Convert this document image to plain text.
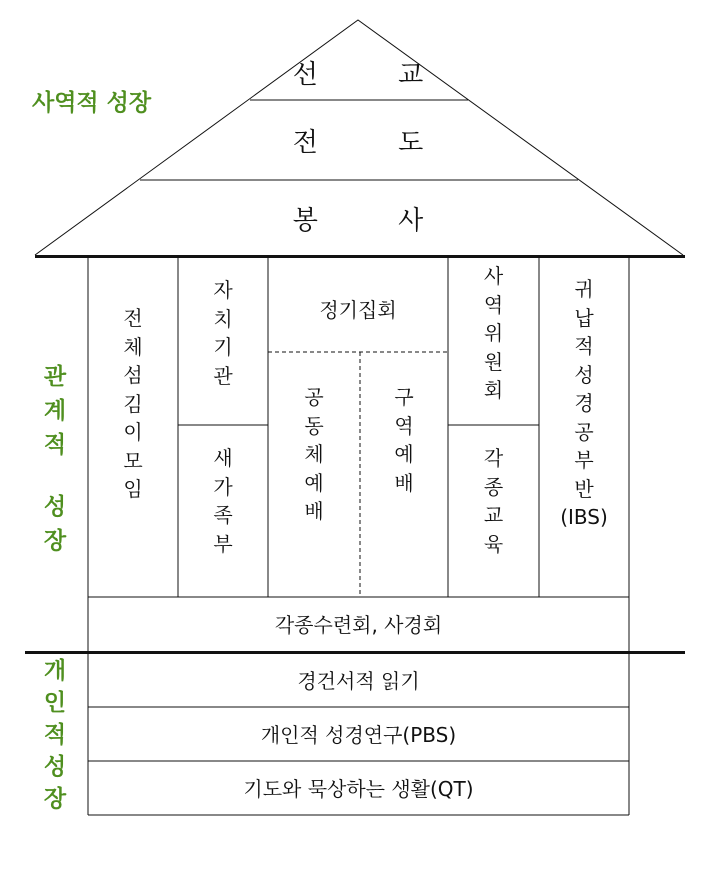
사역적 성장
관
계
적
성
장
개
인
적
성
장
선 교
전 도
봉 사
전
체
섬
김
이
모
임
자
치
기
관
새
가
족
부
정기집회
공
동
체
예
배
구
역
예
배
사
역
위
원
회
각
종
교
육
귀
납
적
성
경
공
부
반
(IBS)
각종수련회, 사경회
경건서적 읽기
개인적 성경연구(PBS)
기도와 묵상하는 생활(QT)
